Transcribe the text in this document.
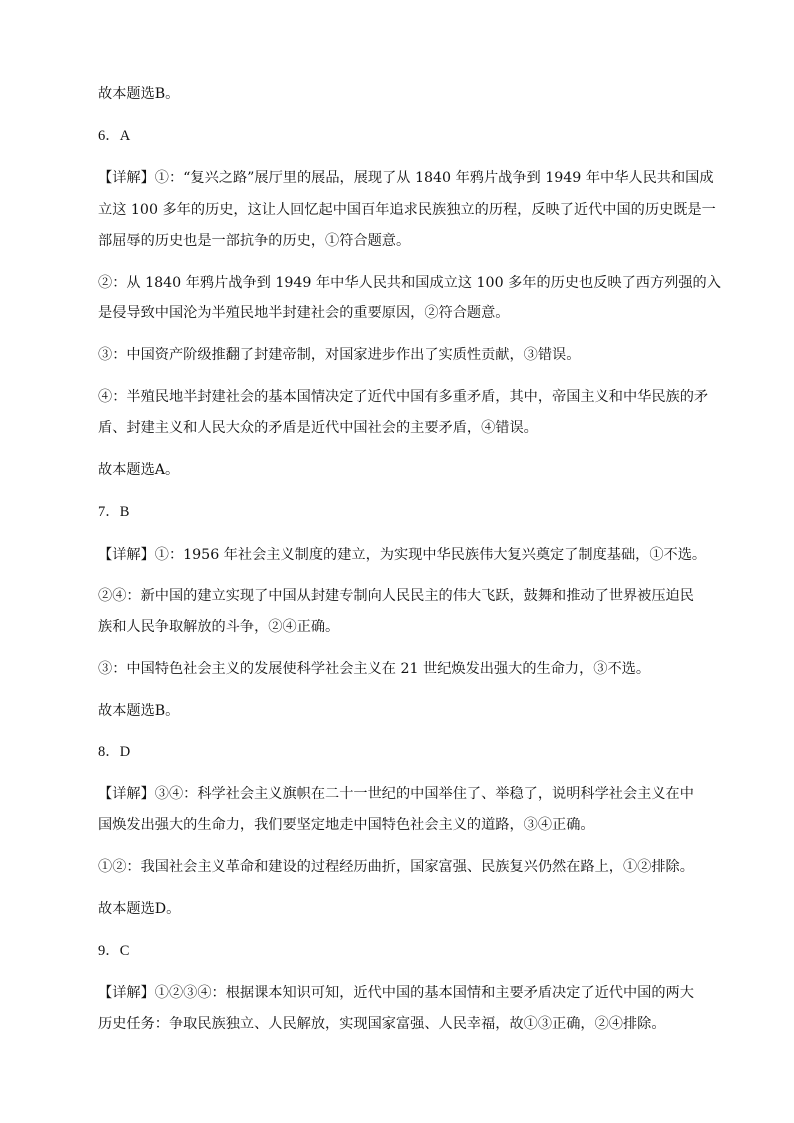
故本题选B。
6．A
【详解】①：“复兴之路”展厅里的展品，展现了从 1840 年鸦片战争到 1949 年中华人民共和国成
立这 100 多年的历史，这让人回忆起中国百年追求民族独立的历程，反映了近代中国的历史既是一
部屈辱的历史也是一部抗争的历史，①符合题意。
②：从 1840 年鸦片战争到 1949 年中华人民共和国成立这 100 多年的历史也反映了西方列强的入
是侵导致中国沦为半殖民地半封建社会的重要原因，②符合题意。
③：中国资产阶级推翻了封建帝制，对国家进步作出了实质性贡献，③错误。
④：半殖民地半封建社会的基本国情决定了近代中国有多重矛盾，其中，帝国主义和中华民族的矛
盾、封建主义和人民大众的矛盾是近代中国社会的主要矛盾，④错误。
故本题选A。
7．B
【详解】①：1956 年社会主义制度的建立，为实现中华民族伟大复兴奠定了制度基础，①不选。
②④：新中国的建立实现了中国从封建专制向人民民主的伟大飞跃，鼓舞和推动了世界被压迫民
族和人民争取解放的斗争，②④正确。
③：中国特色社会主义的发展使科学社会主义在 21 世纪焕发出强大的生命力，③不选。
故本题选B。
8．D
【详解】③④：科学社会主义旗帜在二十一世纪的中国举住了、举稳了，说明科学社会主义在中
国焕发出强大的生命力，我们要坚定地走中国特色社会主义的道路，③④正确。
①②：我国社会主义革命和建设的过程经历曲折，国家富强、民族复兴仍然在路上，①②排除。
故本题选D。
9．C
【详解】①②③④：根据课本知识可知，近代中国的基本国情和主要矛盾决定了近代中国的两大
历史任务：争取民族独立、人民解放，实现国家富强、人民幸福，故①③正确，②④排除。
